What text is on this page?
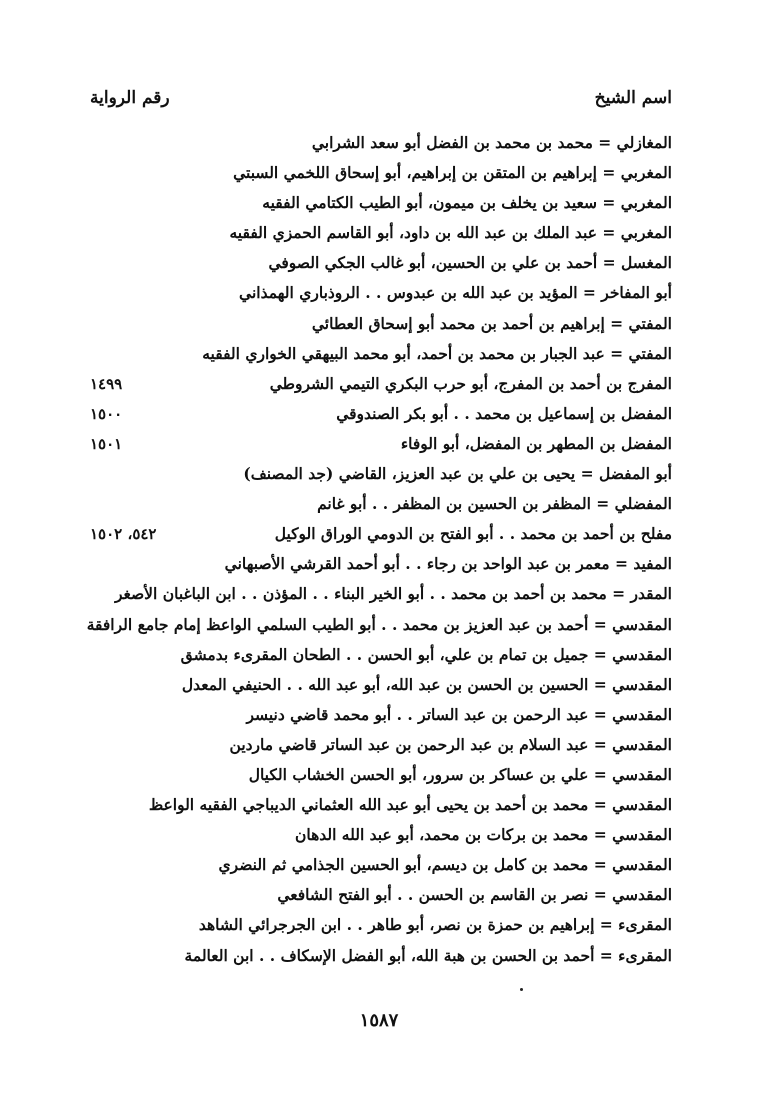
اسم الشيخ
رقم الرواية
المغازلي = محمد بن محمد بن الفضل أبو سعد الشرابي
المغربي = إبراهيم بن المتقن بن إبراهيم، أبو إسحاق اللخمي السبتي
المغربي = سعيد بن يخلف بن ميمون، أبو الطيب الكتامي الفقيه
المغربي = عبد الملك بن عبد الله بن داود، أبو القاسم الحمزي الفقيه
المغسل = أحمد بن علي بن الحسين، أبو غالب الجكي الصوفي
أبو المفاخر = المؤيد بن عبد الله بن عبدوس . . الروذباري الهمذاني
المفتي = إبراهيم بن أحمد بن محمد أبو إسحاق العطائي
المفتي = عبد الجبار بن محمد بن أحمد، أبو محمد البيهقي الخواري الفقيه
المفرج بن أحمد بن المفرج، أبو حرب البكري التيمي الشروطي
١٤٩٩
المفضل بن إسماعيل بن محمد . . أبو بكر الصندوقي
١٥٠٠
المفضل بن المطهر بن المفضل، أبو الوفاء
١٥٠١
أبو المفضل = يحيى بن علي بن عبد العزيز، القاضي (جد المصنف)
المفضلي = المظفر بن الحسين بن المظفر . . أبو غانم
مفلح بن أحمد بن محمد . . أبو الفتح بن الدومي الوراق الوكيل
٥٤٢، ١٥٠٢
المفيد = معمر بن عبد الواحد بن رجاء . . أبو أحمد القرشي الأصبهاني
المقدر = محمد بن أحمد بن محمد . . أبو الخير البناء . . المؤذن . . ابن الباغبان الأصغر
المقدسي = أحمد بن عبد العزيز بن محمد . . أبو الطيب السلمي الواعظ إمام جامع الرافقة
المقدسي = جميل بن تمام بن علي، أبو الحسن . . الطحان المقرىء بدمشق
المقدسي = الحسين بن الحسن بن عبد الله، أبو عبد الله . . الحنيفي المعدل
المقدسي = عبد الرحمن بن عبد الساتر . . أبو محمد قاضي دنيسر
المقدسي = عبد السلام بن عبد الرحمن بن عبد الساتر قاضي ماردين
المقدسي = علي بن عساكر بن سرور، أبو الحسن الخشاب الكيال
المقدسي = محمد بن أحمد بن يحيى أبو عبد الله العثماني الديباجي الفقيه الواعظ
المقدسي = محمد بن بركات بن محمد، أبو عبد الله الدهان
المقدسي = محمد بن كامل بن ديسم، أبو الحسين الجذامي ثم النضري
المقدسي = نصر بن القاسم بن الحسن . . أبو الفتح الشافعي
المقرىء = إبراهيم بن حمزة بن نصر، أبو طاهر . . ابن الجرجرائي الشاهد
المقرىء = أحمد بن الحسن بن هبة الله، أبو الفضل الإسكاف . . ابن العالمة
١٥٨٧
